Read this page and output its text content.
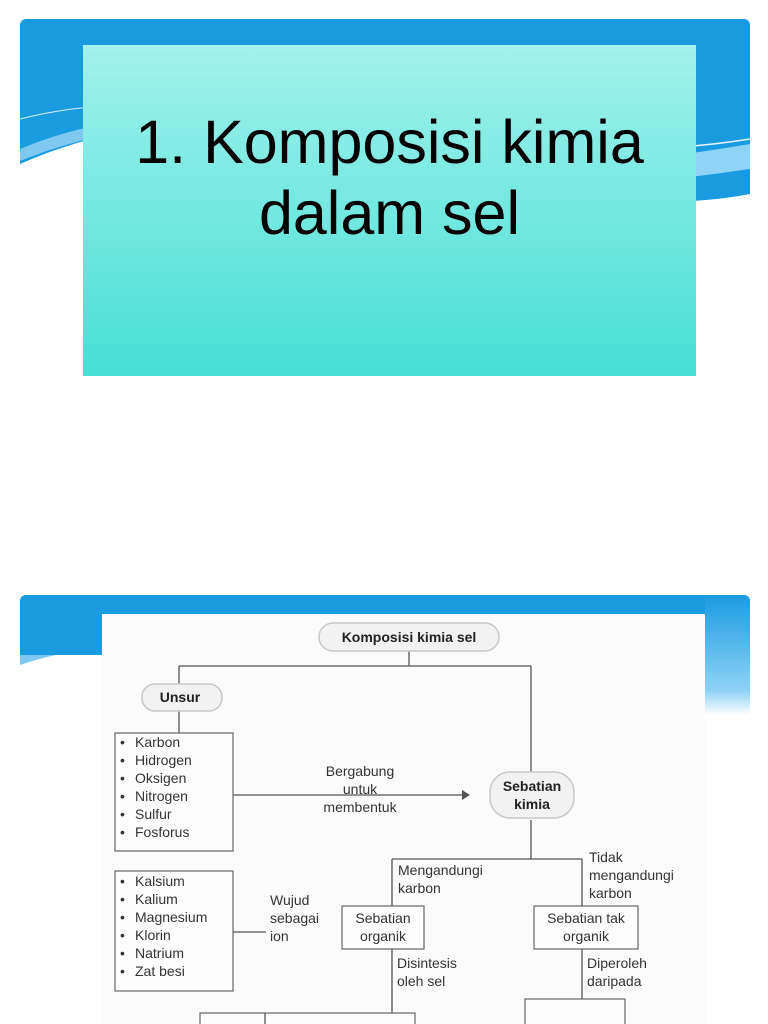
1. Komposisi kimia
dalam sel
Komposisi kimia sel
Unsur
• Karbon
• Hidrogen
• Oksigen
• Nitrogen
• Sulfur
• Fosforus
• Kalsium
• Kalium
• Magnesium
• Klorin
• Natrium
• Zat besi
Bergabung
untuk
membentuk
Sebatian
kimia
Mengandungi
karbon
Tidak
mengandungi
karbon
Wujud
sebagai
ion
Sebatian
organik
Sebatian tak
organik
Disintesis
oleh sel
Diperoleh
daripada
